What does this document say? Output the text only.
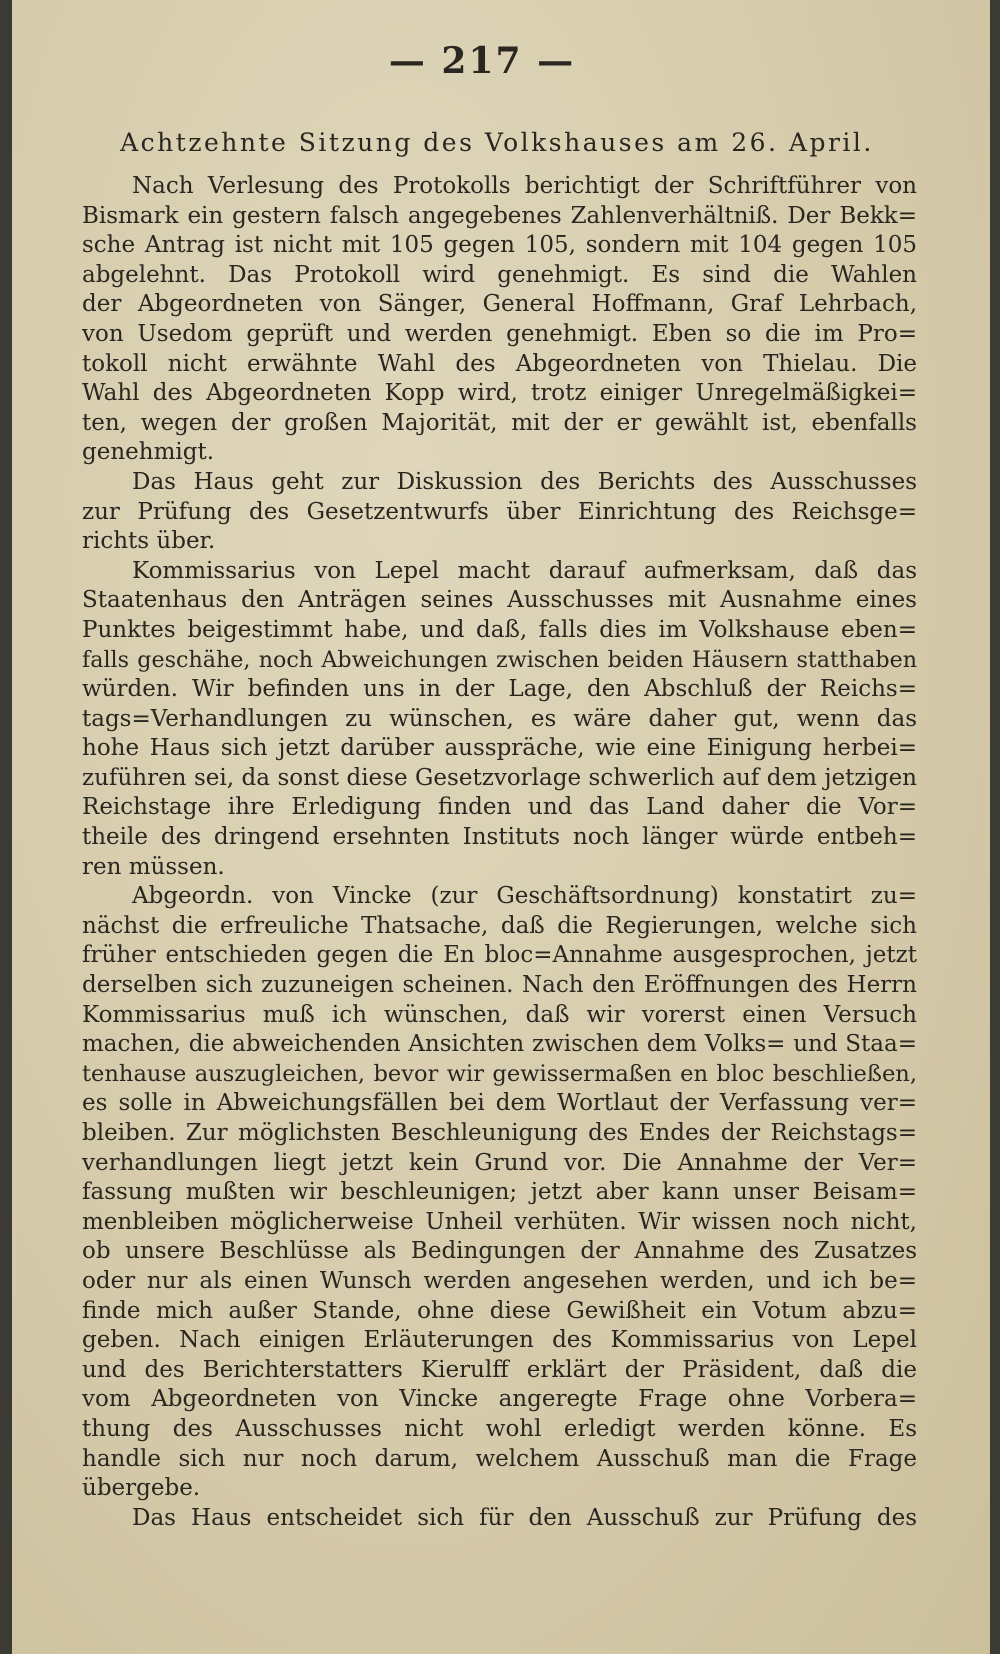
— 217 —
Achtzehnte Sitzung des Volkshauses am 26. April.
Nach Verlesung des Protokolls berichtigt der Schriftführer von
Bismark ein gestern falsch angegebenes Zahlenverhältniß. Der Bekk=
sche Antrag ist nicht mit 105 gegen 105, sondern mit 104 gegen 105
abgelehnt. Das Protokoll wird genehmigt. Es sind die Wahlen
der Abgeordneten von Sänger, General Hoffmann, Graf Lehrbach,
von Usedom geprüft und werden genehmigt. Eben so die im Pro=
tokoll nicht erwähnte Wahl des Abgeordneten von Thielau. Die
Wahl des Abgeordneten Kopp wird, trotz einiger Unregelmäßigkei=
ten, wegen der großen Majorität, mit der er gewählt ist, ebenfalls
genehmigt.
Das Haus geht zur Diskussion des Berichts des Ausschusses
zur Prüfung des Gesetzentwurfs über Einrichtung des Reichsge=
richts über.
Kommissarius von Lepel macht darauf aufmerksam, daß das
Staatenhaus den Anträgen seines Ausschusses mit Ausnahme eines
Punktes beigestimmt habe, und daß, falls dies im Volkshause eben=
falls geschähe, noch Abweichungen zwischen beiden Häusern statthaben
würden. Wir befinden uns in der Lage, den Abschluß der Reichs=
tags=Verhandlungen zu wünschen, es wäre daher gut, wenn das
hohe Haus sich jetzt darüber ausspräche, wie eine Einigung herbei=
zuführen sei, da sonst diese Gesetzvorlage schwerlich auf dem jetzigen
Reichstage ihre Erledigung finden und das Land daher die Vor=
theile des dringend ersehnten Instituts noch länger würde entbeh=
ren müssen.
Abgeordn. von Vincke (zur Geschäftsordnung) konstatirt zu=
nächst die erfreuliche Thatsache, daß die Regierungen, welche sich
früher entschieden gegen die En bloc=Annahme ausgesprochen, jetzt
derselben sich zuzuneigen scheinen. Nach den Eröffnungen des Herrn
Kommissarius muß ich wünschen, daß wir vorerst einen Versuch
machen, die abweichenden Ansichten zwischen dem Volks= und Staa=
tenhause auszugleichen, bevor wir gewissermaßen en bloc beschließen,
es solle in Abweichungsfällen bei dem Wortlaut der Verfassung ver=
bleiben. Zur möglichsten Beschleunigung des Endes der Reichstags=
verhandlungen liegt jetzt kein Grund vor. Die Annahme der Ver=
fassung mußten wir beschleunigen; jetzt aber kann unser Beisam=
menbleiben möglicherweise Unheil verhüten. Wir wissen noch nicht,
ob unsere Beschlüsse als Bedingungen der Annahme des Zusatzes
oder nur als einen Wunsch werden angesehen werden, und ich be=
finde mich außer Stande, ohne diese Gewißheit ein Votum abzu=
geben. Nach einigen Erläuterungen des Kommissarius von Lepel
und des Berichterstatters Kierulff erklärt der Präsident, daß die
vom Abgeordneten von Vincke angeregte Frage ohne Vorbera=
thung des Ausschusses nicht wohl erledigt werden könne. Es
handle sich nur noch darum, welchem Ausschuß man die Frage
übergebe.
Das Haus entscheidet sich für den Ausschuß zur Prüfung des
